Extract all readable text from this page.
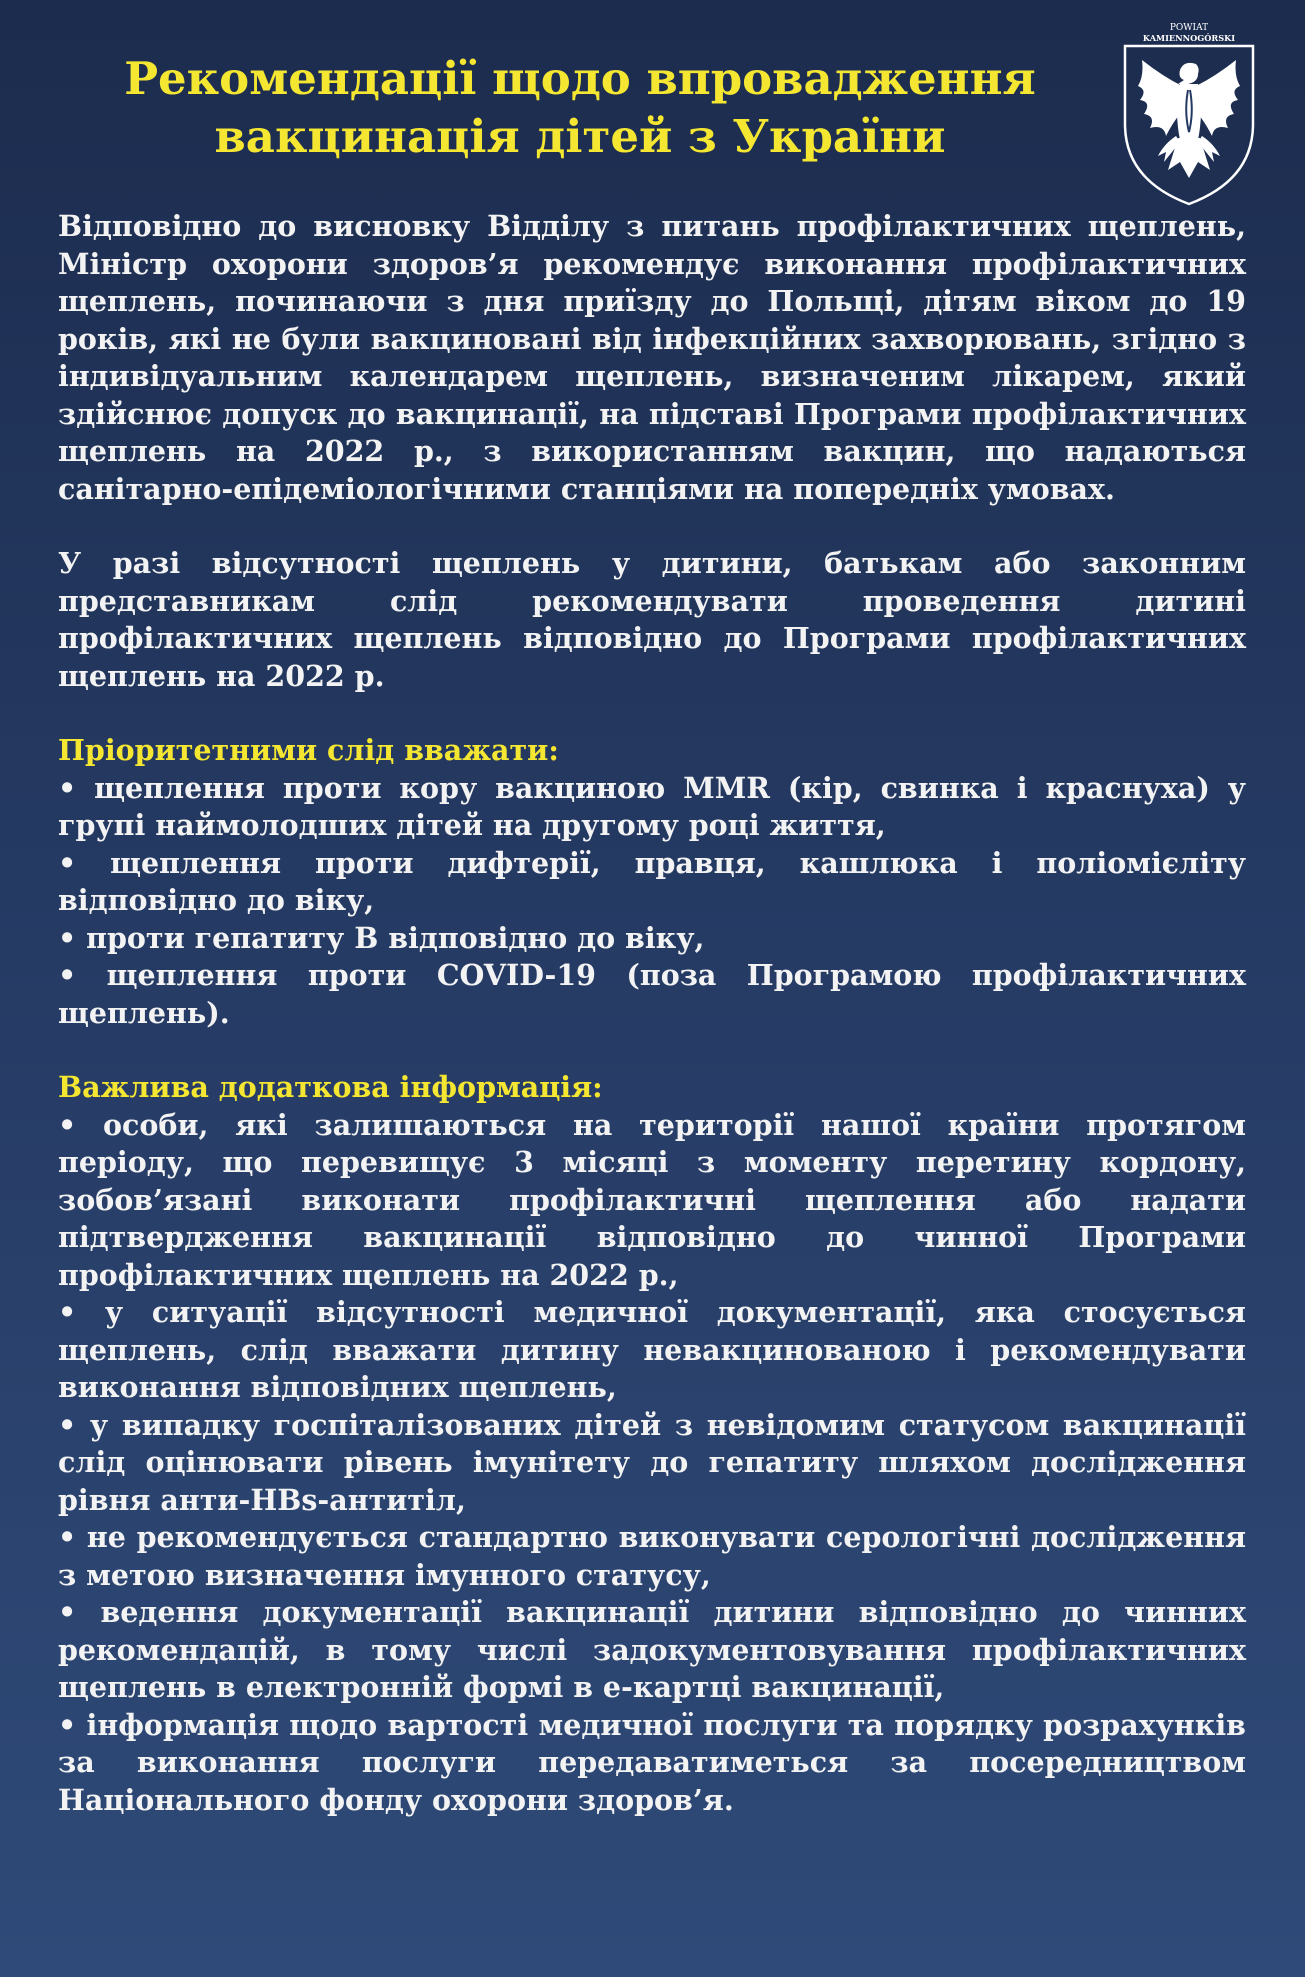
Рекомендації щодо впровадження
вакцинація дітей з України
POWIAT
KAMIENNOGÓRSKI

Відповідно до висновку Відділу з питань профілактичних щеплень, Міністр охорони здоров’я рекомендує виконання профілактичних щеплень, починаючи з дня приїзду до Польщі, дітям віком до 19 років, які не були вакциновані від інфекційних захворювань, згідно з індивідуальним календарем щеплень, визначеним лікарем, який здійснює допуск до вакцинації, на підставі Програми профілактичних щеплень на 2022 р., з використанням вакцин, що надаються санітарно-епідеміологічними станціями на попередніх умовах.

У разі відсутності щеплень у дитини, батькам або законним представникам слід рекомендувати проведення дитині профілактичних щеплень відповідно до Програми профілактичних щеплень на 2022 р.

Пріоритетними слід вважати:

• щеплення проти кору вакциною MMR (кір, свинка і краснуха) у групі наймолодших дітей на другому році життя,

• щеплення проти дифтерії, правця, кашлюка і поліомієліту відповідно до віку,

• проти гепатиту B відповідно до віку,

• щеплення проти COVID-19 (поза Програмою профілактичних щеплень).

Важлива додаткова інформація:

• особи, які залишаються на території нашої країни протягом періоду, що перевищує 3 місяці з моменту перетину кордону, зобов’язані виконати профілактичні щеплення або надати підтвердження вакцинації відповідно до чинної Програми профілактичних щеплень на 2022 р.,

• у ситуації відсутності медичної документації, яка стосується щеплень, слід вважати дитину невакцинованою і рекомендувати виконання відповідних щеплень,

• у випадку госпіталізованих дітей з невідомим статусом вакцинації слід оцінювати рівень імунітету до гепатиту шляхом дослідження рівня анти-HBs-антитіл,

• не рекомендується стандартно виконувати серологічні дослідження з метою визначення імунного статусу,

• ведення документації вакцинації дитини відповідно до чинних рекомендацій, в тому числі задокументовування профілактичних щеплень в електронній формі в е-картці вакцинації,

• інформація щодо вартості медичної послуги та порядку розрахунків за виконання послуги передаватиметься за посередництвом Національного фонду охорони здоров’я.
